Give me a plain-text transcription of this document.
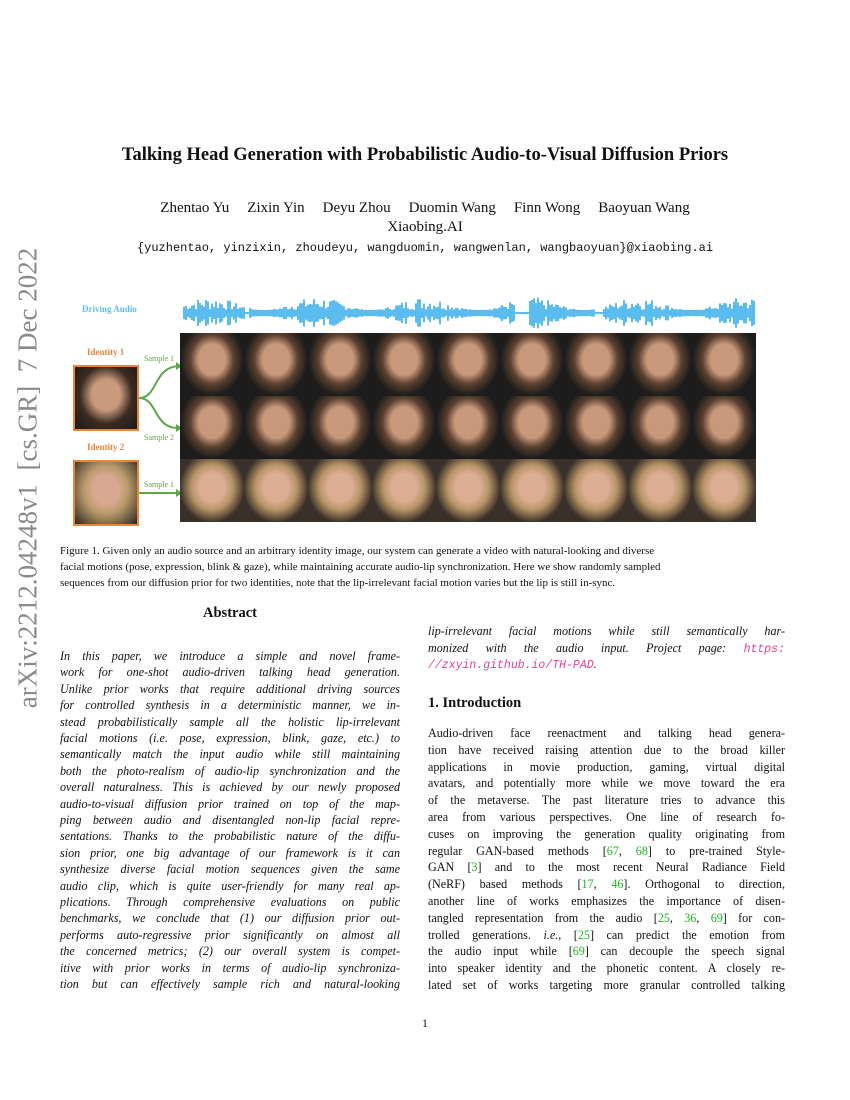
arXiv:2212.04248v1  [cs.GR]  7 Dec 2022
Talking Head Generation with Probabilistic Audio-to-Visual Diffusion Priors
Zhentao Yu Zixin Yin Deyu Zhou Duomin Wang Finn Wong Baoyuan Wang
Xiaobing.AI
{yuzhentao, yinzixin, zhoudeyu, wangduomin, wangwenlan, wangbaoyuan}@xiaobing.ai
Driving Audio
Identity 1
Identity 2
Sample 1
Sample 2
Sample 1
Figure 1. Given only an audio source and an arbitrary identity image, our system can generate a video with natural-looking and diverse
facial motions (pose, expression, blink & gaze), while maintaining accurate audio-lip synchronization. Here we show randomly sampled
sequences from our diffusion prior for two identities, note that the lip-irrelevant facial motion varies but the lip is still in-sync.
Abstract
1. Introduction
1
In this paper, we introduce a simple and novel frame-
work for one-shot audio-driven talking head generation.
Unlike prior works that require additional driving sources
for controlled synthesis in a deterministic manner, we in-
stead probabilistically sample all the holistic lip-irrelevant
facial motions (i.e. pose, expression, blink, gaze, etc.) to
semantically match the input audio while still maintaining
both the photo-realism of audio-lip synchronization and the
overall naturalness. This is achieved by our newly proposed
audio-to-visual diffusion prior trained on top of the map-
ping between audio and disentangled non-lip facial repre-
sentations. Thanks to the probabilistic nature of the diffu-
sion prior, one big advantage of our framework is it can
synthesize diverse facial motion sequences given the same
audio clip, which is quite user-friendly for many real ap-
plications. Through comprehensive evaluations on public
benchmarks, we conclude that (1) our diffusion prior out-
performs auto-regressive prior significantly on almost all
the concerned metrics; (2) our overall system is compet-
itive with prior works in terms of audio-lip synchroniza-
tion but can effectively sample rich and natural-looking
lip-irrelevant facial motions while still semantically har-
monized with the audio input. Project page: https:
//zxyin.github.io/TH-PAD.
Audio-driven face reenactment and talking head genera-
tion have received raising attention due to the broad killer
applications in movie production, gaming, virtual digital
avatars, and potentially more while we move toward the era
of the metaverse. The past literature tries to advance this
area from various perspectives. One line of research fo-
cuses on improving the generation quality originating from
regular GAN-based methods [67, 68] to pre-trained Style-
GAN [3] and to the most recent Neural Radiance Field
(NeRF) based methods [17, 46]. Orthogonal to direction,
another line of works emphasizes the importance of disen-
tangled representation from the audio [25, 36, 69] for con-
trolled generations. i.e., [25] can predict the emotion from
the audio input while [69] can decouple the speech signal
into speaker identity and the phonetic content. A closely re-
lated set of works targeting more granular controlled talking
